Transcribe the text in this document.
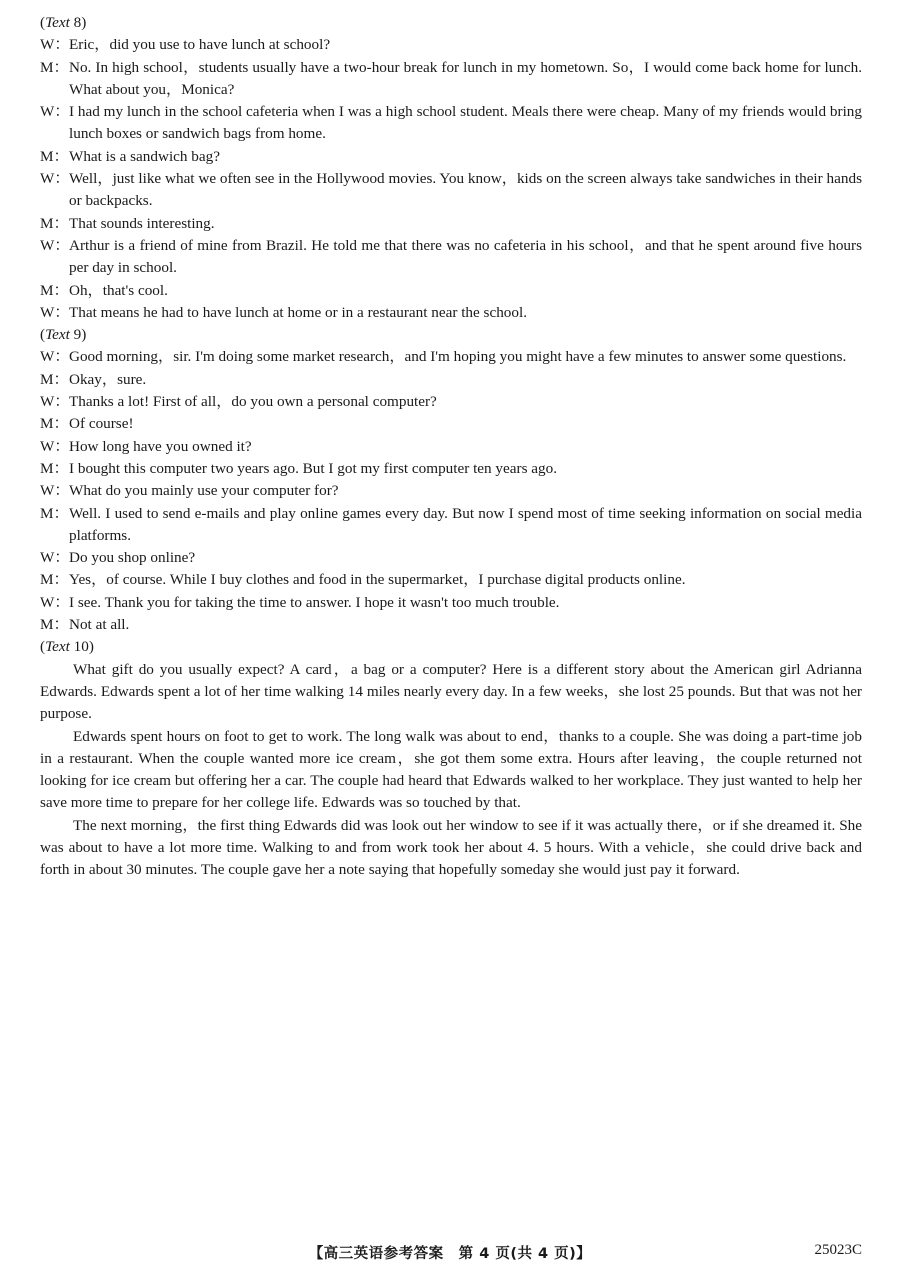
(Text 8)
W： Eric，did you use to have lunch at school?
M： No. In high school，students usually have a two-hour break for lunch in my hometown. So，I would come back home for lunch. What about you，Monica?
W： I had my lunch in the school cafeteria when I was a high school student. Meals there were cheap. Many of my friends would bring lunch boxes or sandwich bags from home.
M： What is a sandwich bag?
W： Well，just like what we often see in the Hollywood movies. You know，kids on the screen always take sandwiches in their hands or backpacks.
M： That sounds interesting.
W： Arthur is a friend of mine from Brazil. He told me that there was no cafeteria in his school，and that he spent around five hours per day in school.
M： Oh，that's cool.
W： That means he had to have lunch at home or in a restaurant near the school.
(Text 9)
W： Good morning，sir. I'm doing some market research，and I'm hoping you might have a few minutes to answer some questions.
M： Okay，sure.
W： Thanks a lot! First of all，do you own a personal computer?
M： Of course!
W： How long have you owned it?
M： I bought this computer two years ago. But I got my first computer ten years ago.
W： What do you mainly use your computer for?
M： Well. I used to send e-mails and play online games every day. But now I spend most of time seeking information on social media platforms.
W： Do you shop online?
M： Yes，of course. While I buy clothes and food in the supermarket，I purchase digital products online.
W： I see. Thank you for taking the time to answer. I hope it wasn't too much trouble.
M： Not at all.
(Text 10)
What gift do you usually expect? A card，a bag or a computer? Here is a different story about the American girl Adrianna Edwards. Edwards spent a lot of her time walking 14 miles nearly every day. In a few weeks，she lost 25 pounds. But that was not her purpose.
Edwards spent hours on foot to get to work. The long walk was about to end，thanks to a couple. She was doing a part-time job in a restaurant. When the couple wanted more ice cream，she got them some extra. Hours after leaving，the couple returned not looking for ice cream but offering her a car. The couple had heard that Edwards walked to her workplace. They just wanted to help her save more time to prepare for her college life. Edwards was so touched by that.
The next morning，the first thing Edwards did was look out her window to see if it was actually there，or if she dreamed it. She was about to have a lot more time. Walking to and from work took her about 4. 5 hours. With a vehicle，she could drive back and forth in about 30 minutes. The couple gave her a note saying that hopefully someday she would just pay it forward.
【高三英语参考答案　第 4 页(共 4 页)】	25023C
